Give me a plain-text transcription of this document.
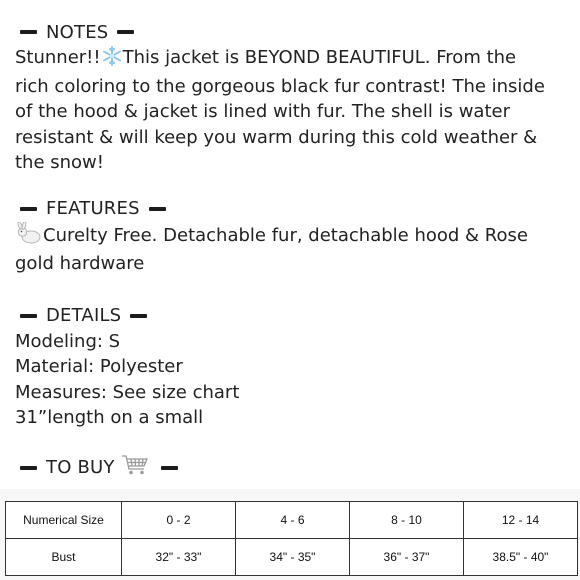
NOTES

Stunner!! This jacket is BEYOND BEAUTIFUL. From the
rich coloring to the gorgeous black fur contrast! The inside
of the hood & jacket is lined with fur. The shell is water
resistant & will keep you warm during this cold weather &
the snow!

FEATURES

Curelty Free. Detachable fur, detachable hood & Rose
gold hardware

DETAILS

Modeling: S
Material: Polyester
Measures: See size chart
31”length on a small

TO BUY
Numerical Size	0 - 2	4 - 6	8 - 10	12 - 14
Bust	32" - 33"	34" - 35"	36" - 37"	38.5" - 40"
